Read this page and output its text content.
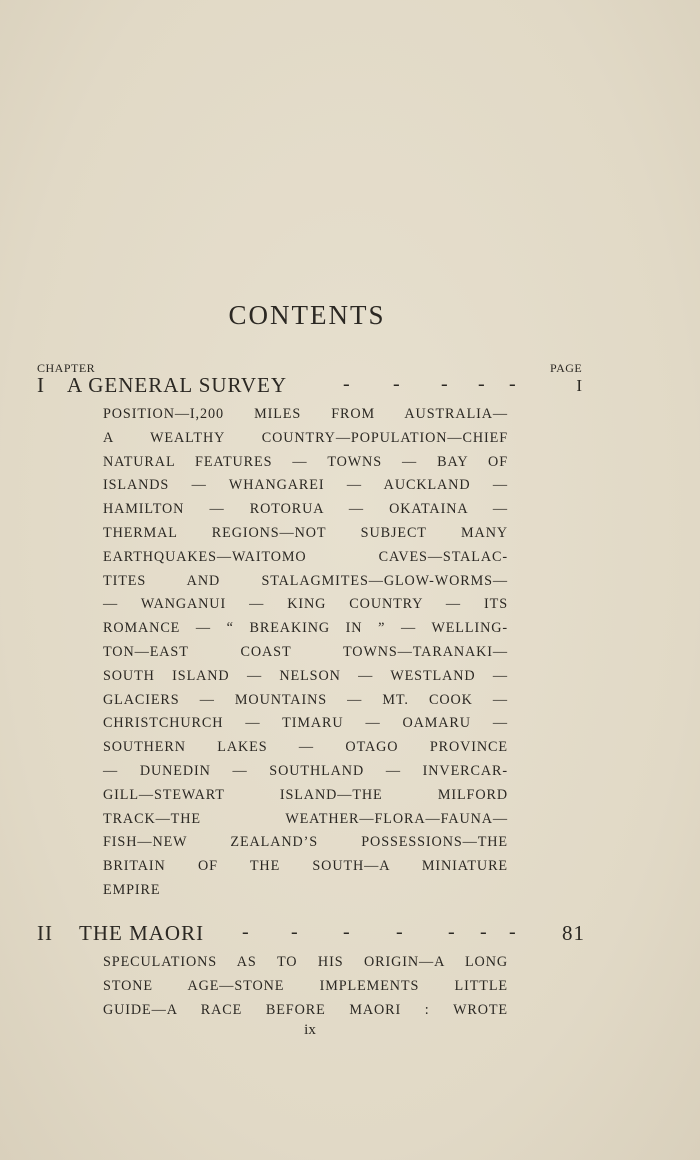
CONTENTS
CHAPTER	PAGE
I A GENERAL SURVEY	- - - - -	I
POSITION—I,200 MILES FROM AUSTRALIA—
A WEALTHY COUNTRY—POPULATION—CHIEF
NATURAL FEATURES — TOWNS — BAY OF
ISLANDS — WHANGAREI — AUCKLAND —
HAMILTON — ROTORUA — OKATAINA —
THERMAL REGIONS—NOT SUBJECT MANY
EARTHQUAKES—WAITOMO CAVES—STALAC-
TITES AND STALAGMITES—GLOW-WORMS—
— WANGANUI — KING COUNTRY — ITS
ROMANCE — “ BREAKING IN ” — WELLING-
TON—EAST COAST TOWNS—TARANAKI—
SOUTH ISLAND — NELSON — WESTLAND —
GLACIERS — MOUNTAINS — MT. COOK —
CHRISTCHURCH — TIMARU — OAMARU —
SOUTHERN LAKES — OTAGO PROVINCE
— DUNEDIN — SOUTHLAND — INVERCAR-
GILL—STEWART ISLAND—THE MILFORD
TRACK—THE WEATHER—FLORA—FAUNA—
FISH—NEW ZEALAND’S POSSESSIONS—THE
BRITAIN OF THE SOUTH—A MINIATURE
EMPIRE
II THE MAORI - - - - - - - 81
SPECULATIONS AS TO HIS ORIGIN—A LONG
STONE AGE—STONE IMPLEMENTS LITTLE
GUIDE—A RACE BEFORE MAORI : WROTE
ix
